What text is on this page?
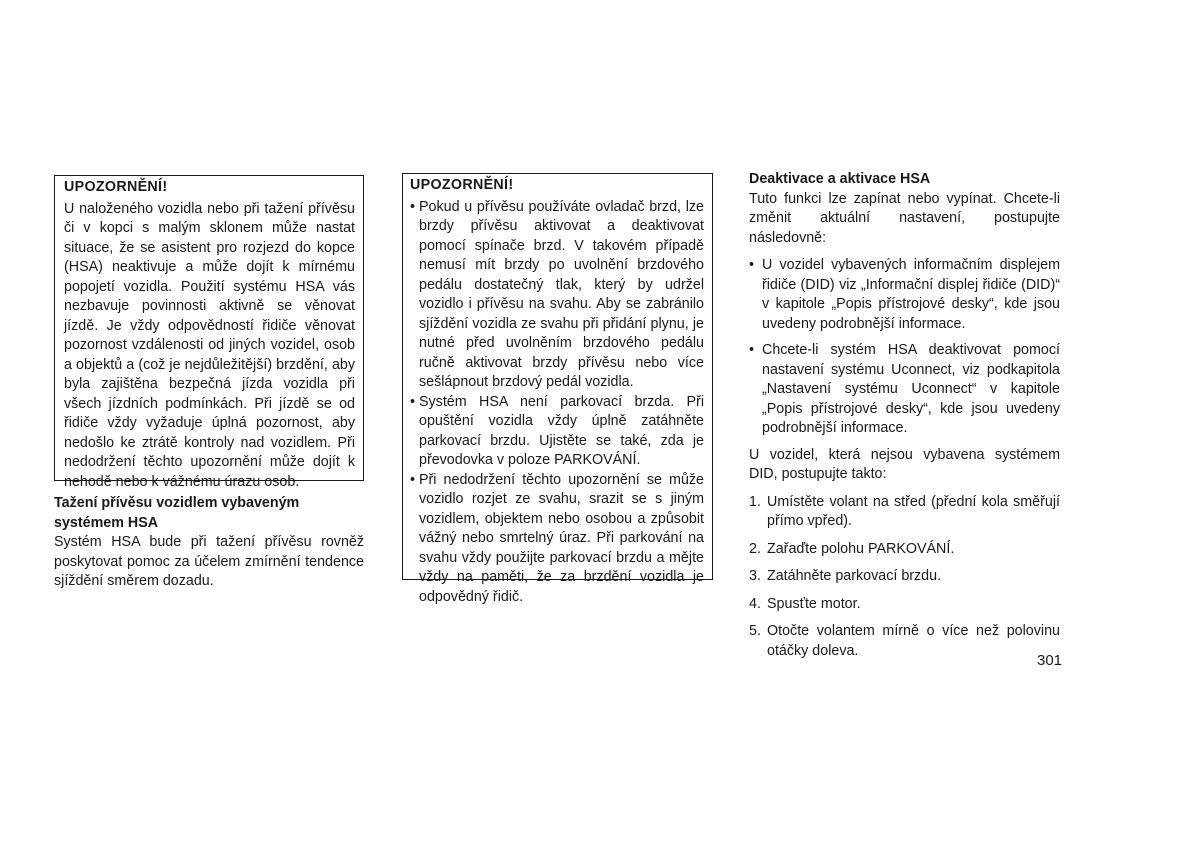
UPOZORNĚNÍ!
U naloženého vozidla nebo při tažení přívěsu či v kopci s malým sklonem může nastat situace, že se asistent pro rozjezd do kopce (HSA) neaktivuje a může dojít k mírnému popojetí vozidla. Použití systému HSA vás nezbavuje povinnosti aktivně se věnovat jízdě. Je vždy odpovědností řidiče věnovat pozornost vzdálenosti od jiných vozidel, osob a objektů a (což je nejdůležitější) brzdění, aby byla zajištěna bezpečná jízda vozidla při všech jízdních podmínkách. Při jízdě se od řidiče vždy vyžaduje úplná pozornost, aby nedošlo ke ztrátě kontroly nad vozidlem. Při nedodržení těchto upozornění může dojít k nehodě nebo k vážnému úrazu osob.
Tažení přívěsu vozidlem vybaveným
systémem HSA
Systém HSA bude při tažení přívěsu rovněž poskytovat pomoc za účelem zmírnění tendence sjíždění směrem dozadu.
UPOZORNĚNÍ!
• Pokud u přívěsu používáte ovladač brzd, lze brzdy přívěsu aktivovat a deaktivovat pomocí spínače brzd. V takovém případě nemusí mít brzdy po uvolnění brzdového pedálu dostatečný tlak, který by udržel vozidlo i přívěsu na svahu. Aby se zabránilo sjíždění vozidla ze svahu při přidání plynu, je nutné před uvolněním brzdového pedálu ručně aktivovat brzdy přívěsu nebo více sešlápnout brzdový pedál vozidla.
• Systém HSA není parkovací brzda. Při opuštění vozidla vždy úplně zatáhněte parkovací brzdu. Ujistěte se také, zda je převodovka v poloze PARKOVÁNÍ.
• Při nedodržení těchto upozornění se může vozidlo rozjet ze svahu, srazit se s jiným vozidlem, objektem nebo osobou a způsobit vážný nebo smrtelný úraz. Při parkování na svahu vždy použijte parkovací brzdu a mějte vždy na paměti, že za brzdění vozidla je odpovědný řidič.
Deaktivace a aktivace HSA
Tuto funkci lze zapínat nebo vypínat. Chcete-li změnit aktuální nastavení, postupujte následovně:
• U vozidel vybavených informačním displejem řidiče (DID) viz „Informační displej řidiče (DID)“ v kapitole „Popis přístrojové desky“, kde jsou uvedeny podrobnější informace.
• Chcete-li systém HSA deaktivovat pomocí nastavení systému Uconnect, viz podkapitola „Nastavení systému Uconnect“ v kapitole „Popis přístrojové desky“, kde jsou uvedeny podrobnější informace.
U vozidel, která nejsou vybavena systémem DID, postupujte takto:
1. Umístěte volant na střed (přední kola směřují přímo vpřed).
2. Zařaďte polohu PARKOVÁNÍ.
3. Zatáhněte parkovací brzdu.
4. Spusťte motor.
5. Otočte volantem mírně o více než polovinu otáčky doleva.
301
